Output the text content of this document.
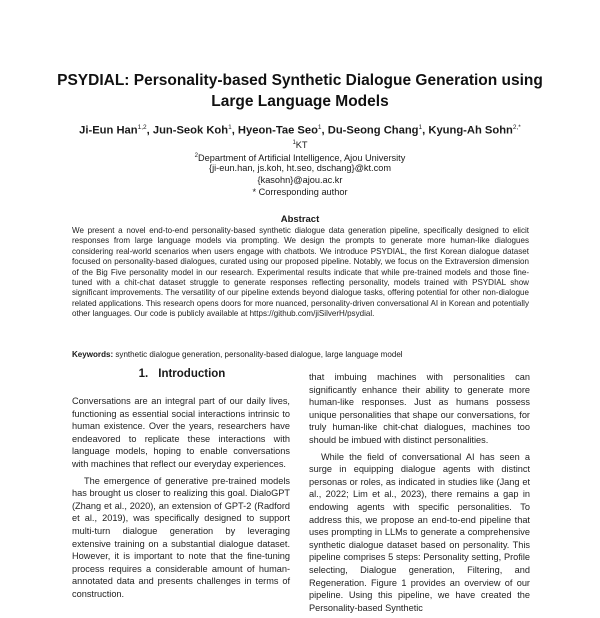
PSYDIAL: Personality-based Synthetic Dialogue Generation using
Large Language Models
Ji-Eun Han$^{1,2}$, Jun-Seok Koh$^1$, Hyeon-Tae Seo$^1$, Du-Seong Chang$^1$, Kyung-Ah Sohn$^{2,*}$
$^1$KT
$^2$Department of Artificial Intelligence, Ajou University
{ji-eun.han, js.koh, ht.seo, dschang}@kt.com
{kasohn}@ajou.ac.kr
* Corresponding author
Abstract
We present a novel end-to-end personality-based synthetic dialogue data generation pipeline, specifically designed to elicit responses from large language models via prompting. We design the prompts to generate more human-like dialogues considering real-world scenarios when users engage with chatbots. We introduce PSYDIAL, the first Korean dialogue dataset focused on personality-based dialogues, curated using our proposed pipeline. Notably, we focus on the Extraversion dimension of the Big Five personality model in our research. Experimental results indicate that while pre-trained models and those fine-tuned with a chit-chat dataset struggle to generate responses reflecting personality, models trained with PSYDIAL show significant improvements. The versatility of our pipeline extends beyond dialogue tasks, offering potential for other non-dialogue related applications. This research opens doors for more nuanced, personality-driven conversational AI in Korean and potentially other languages. Our code is publicly available at https://github.com/jiSilverH/psydial.
Keywords: synthetic dialogue generation, personality-based dialogue, large language model
1. Introduction

Conversations are an integral part of our daily lives, functioning as essential social interactions intrinsic to human existence. Over the years, researchers have endeavored to replicate these interactions with language models, hoping to enable conversations with machines that reflect our everyday experiences.

The emergence of generative pre-trained models has brought us closer to realizing this goal. DialoGPT (Zhang et al., 2020), an extension of GPT-2 (Radford et al., 2019), was specifically designed to support multi-turn dialogue generation by leveraging extensive training on a substantial dialogue dataset. However, it is important to note that the fine-tuning process requires a considerable amount of human-annotated data and presents challenges in terms of construction.

that imbuing machines with personalities can significantly enhance their ability to generate more human-like responses. Just as humans possess unique personalities that shape our conversations, for truly human-like chit-chat dialogues, machines too should be imbued with distinct personalities.

While the field of conversational AI has seen a surge in equipping dialogue agents with distinct personas or roles, as indicated in studies like (Jang et al., 2022; Lim et al., 2023), there remains a gap in endowing agents with specific personalities. To address this, we propose an end-to-end pipeline that uses prompting in LLMs to generate a comprehensive synthetic dialogue dataset based on personality. This pipeline comprises 5 steps: Personality setting, Profile selecting, Dialogue generation, Filtering, and Regeneration. Figure 1 provides an overview of our pipeline. Using this pipeline, we have created the Personality-based Synthetic
